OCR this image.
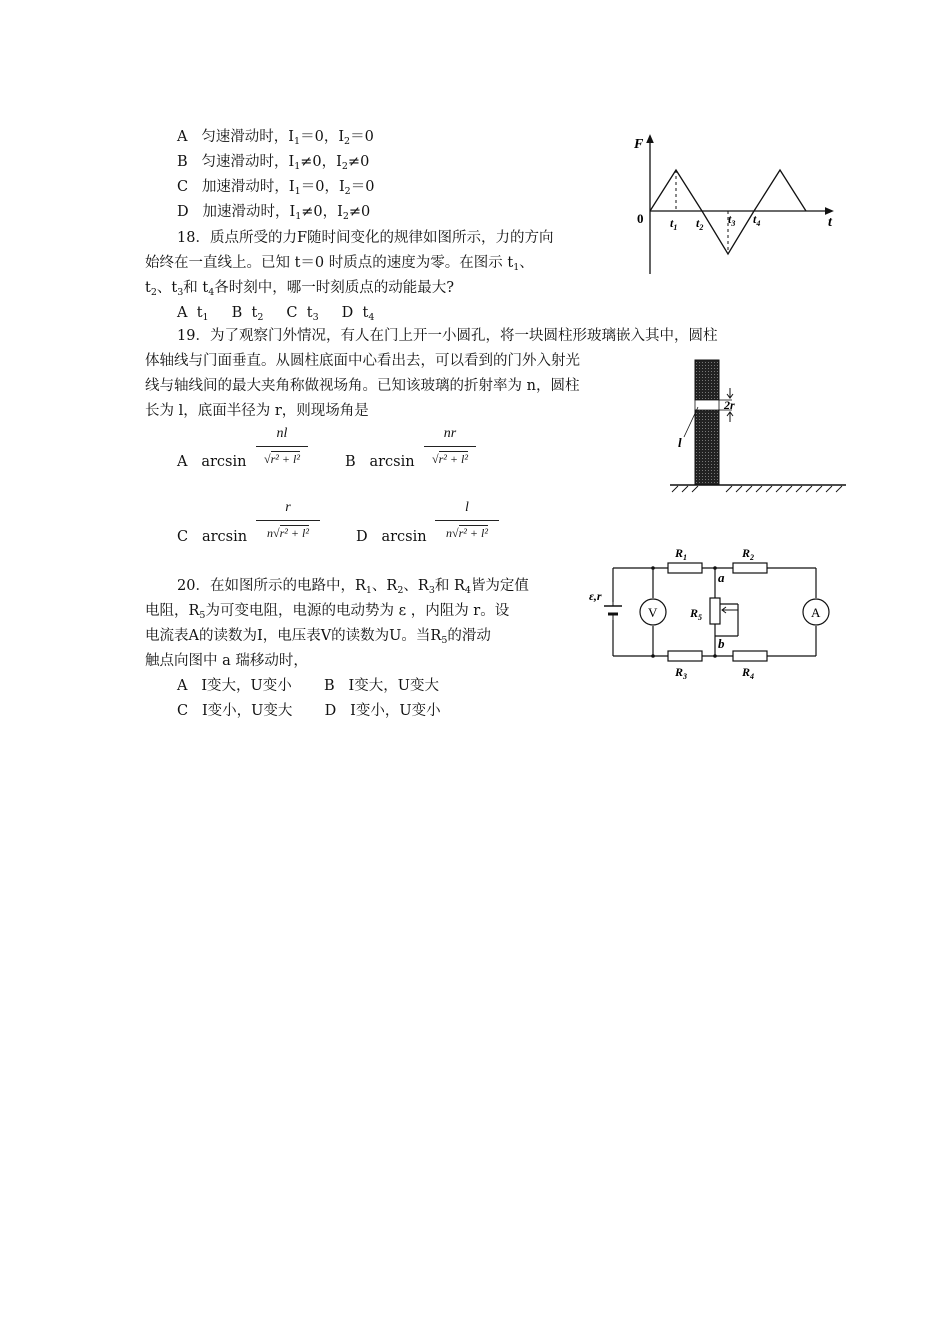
A 匀速滑动时，$I_1=0$，$I_2=0$
B 匀速滑动时，$I_1\ne 0$，$I_2\ne 0$
C 加速滑动时，$I_1=0$，$I_2=0$
D 加速滑动时，$I_1\ne 0$，$I_2\ne 0$
18．质点所受的力F随时间变化的规律如图所示，力的方向
始终在一直线上。已知 t＝0 时质点的速度为零。在图示 $t_1$、
$t_2$、$t_3$和 $t_4$各时刻中，哪一时刻质点的动能最大?
A $t_1$ B $t_2$ C $t_3$ D $t_4$
F
t
0 $t_1$ $t_2$
$t_3$ $t_4$
19．为了观察门外情况，有人在门上开一小圆孔，将一块圆柱形玻璃嵌入其中，圆柱
体轴线与门面垂直。从圆柱底面中心看出去，可以看到的门外入射光
线与轴线间的最大夹角称做视场角。已知该玻璃的折射率为 n，圆柱
长为 l，底面半径为 r，则现场角是
A arcsin
nl
√r² + l²	B arcsin
nr
√r² + l²
C arcsin
r
n√r² + l²	D arcsin
l
n√r² + l²
2r
l
20．在如图所示的电路中，$R_1$、$R_2$、$R_3$和 $R_4$皆为定值
电阻，$R_5$为可变电阻，电源的电动势为 ε ，内阻为 r。设
电流表A的读数为I，电压表V的读数为U。当$R_5$的滑动
触点向图中 a 瑞移动时，
A I变大，U变小 B I变大，U变大
C I变小，U变大 D I变小，U变小
ε,r
V	A
$R_1$	$R_2$
$R_3$	$R_4$
$R_5$
a
b
